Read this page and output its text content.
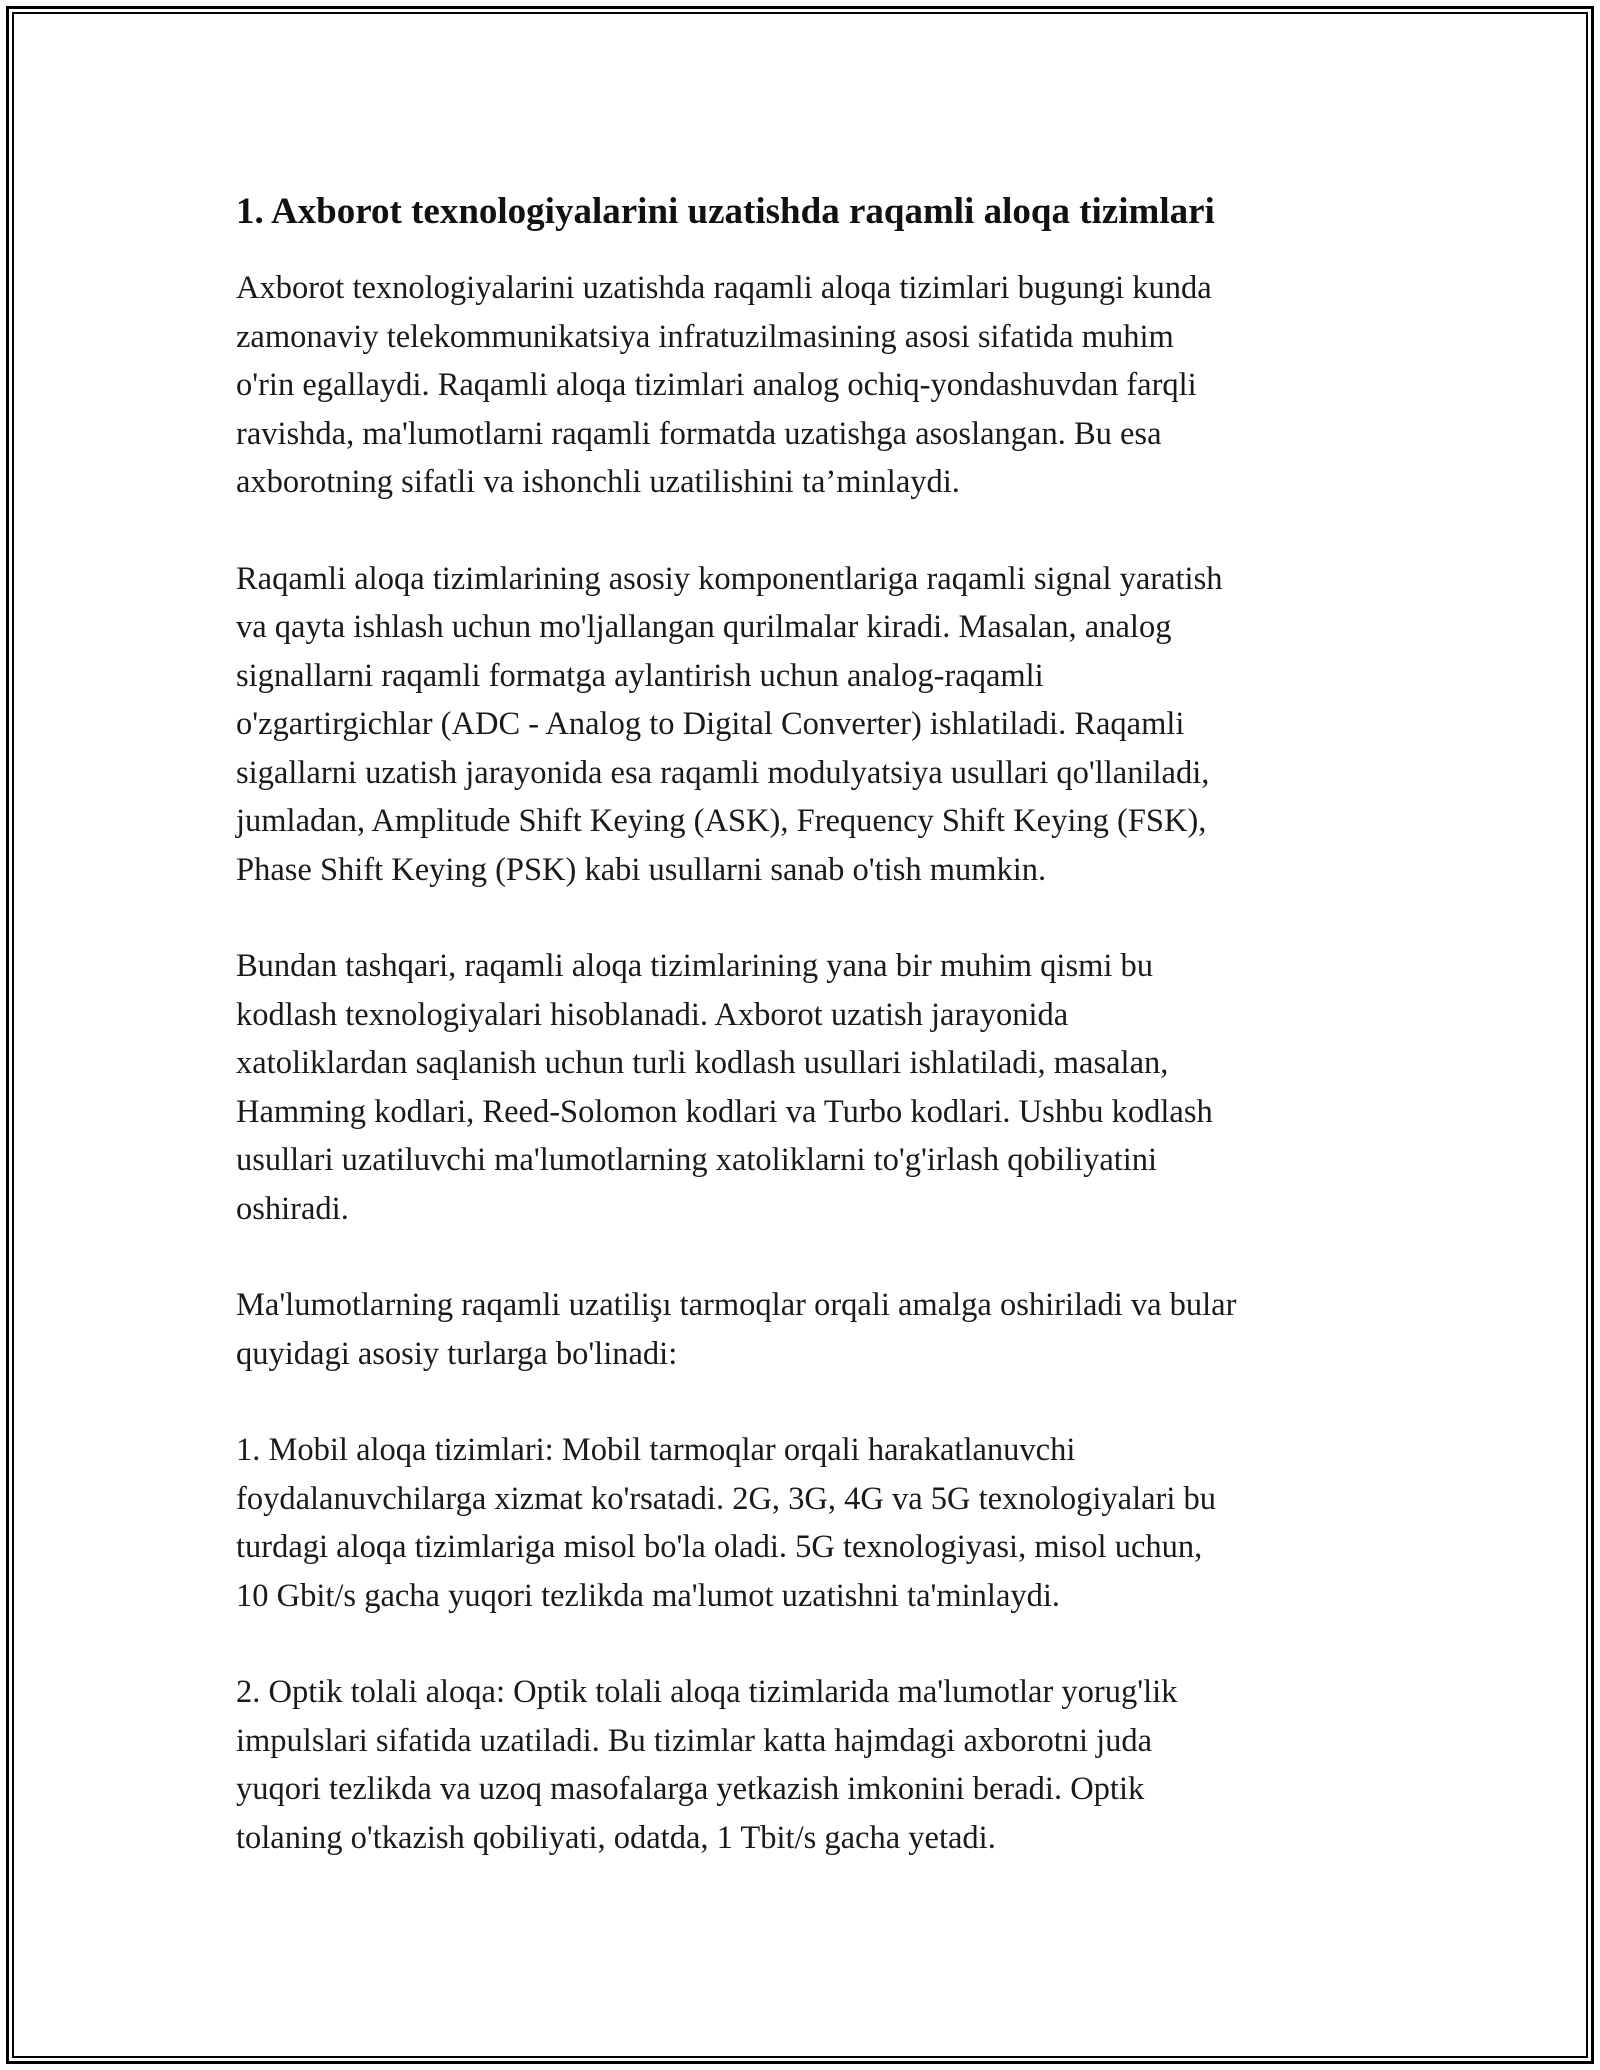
1. Axborot texnologiyalarini uzatishda raqamli aloqa tizimlari

Axborot texnologiyalarini uzatishda raqamli aloqa tizimlari bugungi kunda
zamonaviy telekommunikatsiya infratuzilmasining asosi sifatida muhim
o'rin egallaydi. Raqamli aloqa tizimlari analog ochiq-yondashuvdan farqli
ravishda, ma'lumotlarni raqamli formatda uzatishga asoslangan. Bu esa
axborotning sifatli va ishonchli uzatilishini ta’minlaydi.

Raqamli aloqa tizimlarining asosiy komponentlariga raqamli signal yaratish
va qayta ishlash uchun mo'ljallangan qurilmalar kiradi. Masalan, analog
signallarni raqamli formatga aylantirish uchun analog-raqamli
o'zgartirgichlar (ADC - Analog to Digital Converter) ishlatiladi. Raqamli
sigallarni uzatish jarayonida esa raqamli modulyatsiya usullari qo'llaniladi,
jumladan, Amplitude Shift Keying (ASK), Frequency Shift Keying (FSK),
Phase Shift Keying (PSK) kabi usullarni sanab o'tish mumkin.

Bundan tashqari, raqamli aloqa tizimlarining yana bir muhim qismi bu
kodlash texnologiyalari hisoblanadi. Axborot uzatish jarayonida
xatoliklardan saqlanish uchun turli kodlash usullari ishlatiladi, masalan,
Hamming kodlari, Reed-Solomon kodlari va Turbo kodlari. Ushbu kodlash
usullari uzatiluvchi ma'lumotlarning xatoliklarni to'g'irlash qobiliyatini
oshiradi.

Ma'lumotlarning raqamli uzatilişı tarmoqlar orqali amalga oshiriladi va bular
quyidagi asosiy turlarga bo'linadi:

1. Mobil aloqa tizimlari: Mobil tarmoqlar orqali harakatlanuvchi
foydalanuvchilarga xizmat ko'rsatadi. 2G, 3G, 4G va 5G texnologiyalari bu
turdagi aloqa tizimlariga misol bo'la oladi. 5G texnologiyasi, misol uchun,
10 Gbit/s gacha yuqori tezlikda ma'lumot uzatishni ta'minlaydi.

2. Optik tolali aloqa: Optik tolali aloqa tizimlarida ma'lumotlar yorug'lik
impulslari sifatida uzatiladi. Bu tizimlar katta hajmdagi axborotni juda
yuqori tezlikda va uzoq masofalarga yetkazish imkonini beradi. Optik
tolaning o'tkazish qobiliyati, odatda, 1 Tbit/s gacha yetadi.
